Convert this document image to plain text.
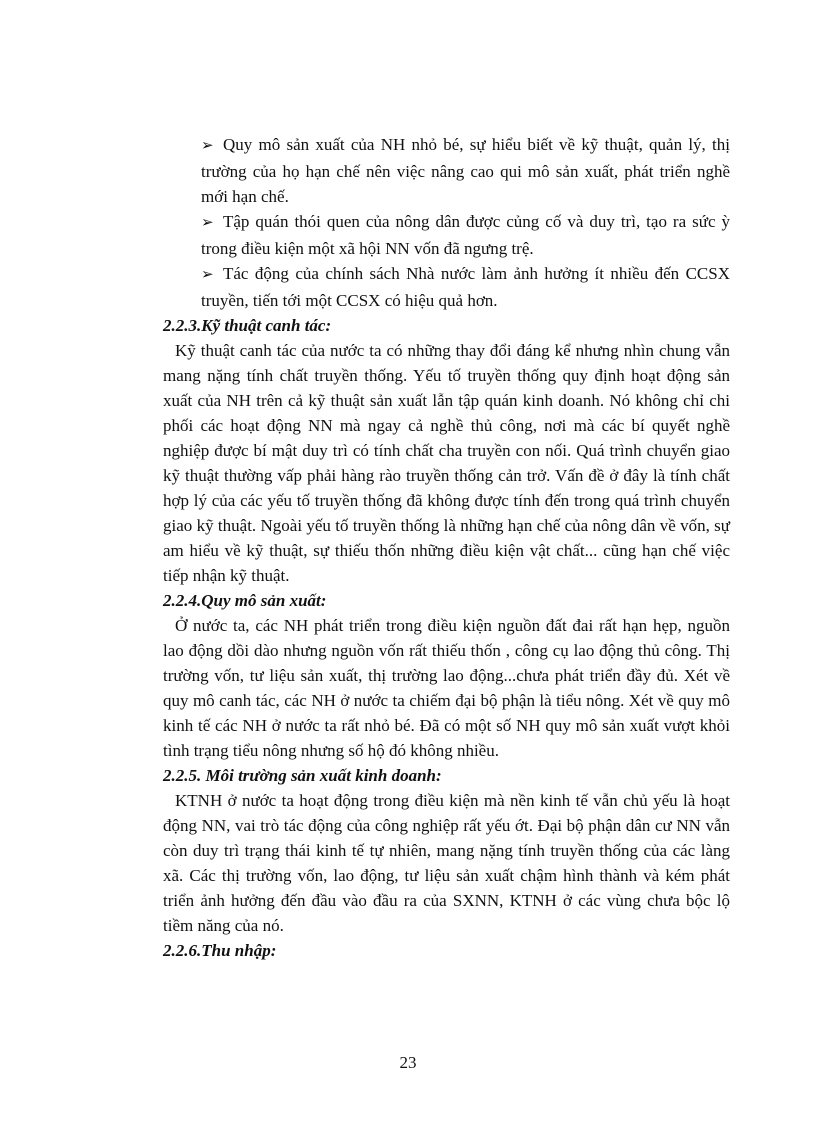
➢ Quy mô sản xuất của NH nhỏ bé, sự hiểu biết về kỹ thuật, quản lý, thị trường của họ hạn chế nên việc nâng cao qui mô sản xuất, phát triển nghề mới hạn chế.

➢ Tập quán thói quen của nông dân được củng cố và duy trì, tạo ra sức ỳ trong điều kiện một xã hội NN vốn đã ngưng trệ.

➢ Tác động của chính sách Nhà nước làm ảnh hưởng ít nhiều đến CCSX truyền, tiến tới một CCSX có hiệu quả hơn.

2.2.3.Kỹ thuật canh tác:

Kỹ thuật canh tác của nước ta có những thay đổi đáng kể nhưng nhìn chung vẫn mang nặng tính chất truyền thống. Yếu tố truyền thống quy định hoạt động sản xuất của NH trên cả kỹ thuật sản xuất lẫn tập quán kinh doanh. Nó không chỉ chi phối các hoạt động NN mà ngay cả nghề thủ công, nơi mà các bí quyết nghề nghiệp được bí mật duy trì có tính chất cha truyền con nối. Quá trình chuyển giao kỹ thuật thường vấp phải hàng rào truyền thống cản trở. Vấn đề ở đây là tính chất hợp lý của các yếu tố truyền thống đã không được tính đến trong quá trình chuyển giao kỹ thuật. Ngoài yếu tố truyền thống là những hạn chế của nông dân về vốn, sự am hiểu về kỹ thuật, sự thiếu thốn những điều kiện vật chất... cũng hạn chế việc tiếp nhận kỹ thuật.

2.2.4.Quy mô sản xuất:

Ở nước ta, các NH phát triển trong điều kiện nguồn đất đai rất hạn hẹp, nguồn lao động dồi dào nhưng nguồn vốn rất thiếu thốn , công cụ lao động thủ công. Thị trường vốn, tư liệu sản xuất, thị trường lao động...chưa phát triển đầy đủ. Xét về quy mô canh tác, các NH ở nước ta chiếm đại bộ phận là tiểu nông. Xét về quy mô kinh tế các NH ở nước ta rất nhỏ bé. Đã có một số NH quy mô sản xuất vượt khỏi tình trạng tiểu nông nhưng số hộ đó không nhiều.

2.2.5. Môi trường sản xuất kinh doanh:

KTNH ở nước ta hoạt động trong điều kiện mà nền kinh tế vẫn chủ yếu là hoạt động NN, vai trò tác động của công nghiệp rất yếu ớt. Đại bộ phận dân cư NN vẫn còn duy trì trạng thái kinh tế tự nhiên, mang nặng tính truyền thống của các làng xã. Các thị trường vốn, lao động, tư liệu sản xuất chậm hình thành và kém phát triển ảnh hưởng đến đầu vào đầu ra của SXNN, KTNH ở các vùng chưa bộc lộ tiềm năng của nó.

2.2.6.Thu nhập:

23
